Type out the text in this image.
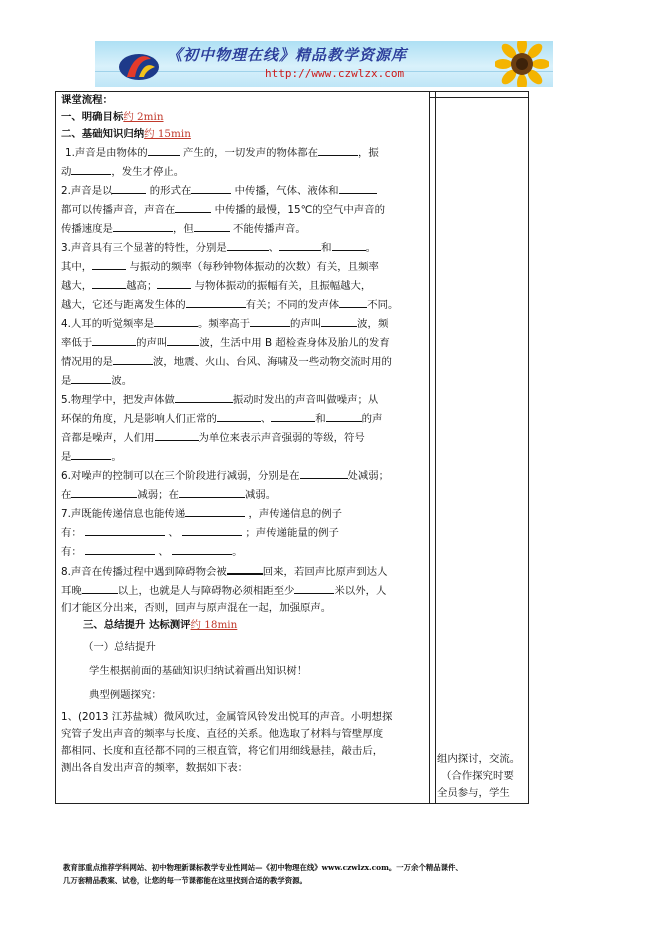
《初中物理在线》精品教学资源库
http://www.czwlzx.com

课堂流程：

一、明确目标约 2min

二、基础知识归纳约 15min

1.声音是由物体的	产生的，一切发声的物体都在	，振

动	，发生才停止。

2.声音是以	的形式在	中传播，气体、液体和

都可以传播声音，声音在	中传播的最慢，15℃的空气中声音的

传播速度是	，但	不能传播声音。

3.声音具有三个显著的特性，分别是	、	和	。

其中，	与振动的频率（每秒钟物体振动的次数）有关，且频率

越大，	越高；	与物体振动的振幅有关，且振幅越大，

越大，它还与距离发生体的	有关；不同的发声体	不同。

4.人耳的听觉频率是	。频率高于	的声叫	波，频

率低于	的声叫	波，生活中用 B 超检查身体及胎儿的发育

情况用的是	波，地震、火山、台风、海啸及一些动物交流时用的

是	波。

5.物理学中，把发声体做	振动时发出的声音叫做噪声；从

环保的角度，凡是影响人们正常的	、	和	的声

音都是噪声，人们用	为单位来表示声音强弱的等级，符号

是	。

6.对噪声的控制可以在三个阶段进行减弱，分别是在	处减弱；

在	减弱；在	减弱。

7.声既能传递信息也能传递	，声传递信息的例子

有：	、	；声传递能量的例子

有：	、	。

8.声音在传播过程中遇到障碍物会被	回来，若回声比原声到达人

耳晚	以上，也就是人与障碍物必须相距至少	米以外，人

们才能区分出来，否则，回声与原声混在一起，加强原声。

三、总结提升 达标测评约 18min

（一）总结提升

学生根据前面的基础知识归纳试着画出知识树！

典型例题探究：

1、(2013 江苏盐城）微风吹过，金属管风铃发出悦耳的声音。小明想探

究管子发出声音的频率与长度、直径的关系。他选取了材料与管壁厚度

都相同、长度和直径都不同的三根直管，将它们用细线悬挂，敲击后，

测出各自发出声音的频率，数据如下表：

组内探讨，交流。

（合作探究时要

全员参与，学生

教育部重点推荐学科网站、初中物理新课标教学专业性网站—《初中物理在线》www.czwlzx.com。一万余个精品课件、

几万套精品教案、试卷，让您的每一节课都能在这里找到合适的教学资源。
